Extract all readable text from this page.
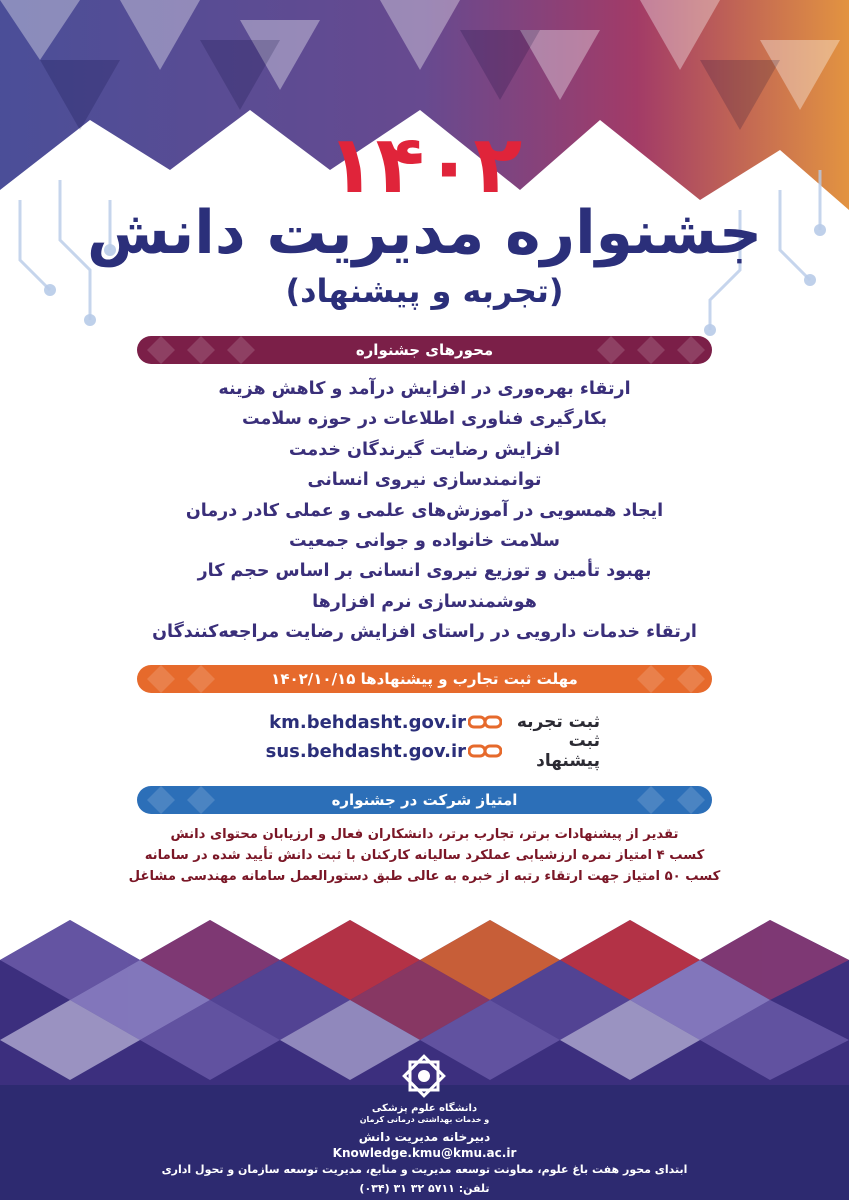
۱۴۰۲
جشنواره مدیریت دانش
(تجربه و پیشنهاد)
محورهای جشنواره
ارتقاء بهره‌وری در افزایش درآمد و کاهش هزینه
بکارگیری فناوری اطلاعات در حوزه سلامت
افزایش رضایت گیرندگان خدمت
توانمندسازی نیروی انسانی
ایجاد همسویی در آموزش‌های علمی و عملی کادر درمان
سلامت خانواده و جوانی جمعیت
بهبود تأمین و توزیع نیروی انسانی بر اساس حجم کار
هوشمندسازی نرم افزارها
ارتقاء خدمات دارویی در راستای افزایش رضایت مراجعه‌کنندگان
مهلت ثبت تجارب و پیشنهادها ۱۴۰۲/۱۰/۱۵
ثبت تجربه
km.behdasht.gov.ir
ثبت پیشنهاد
sus.behdasht.gov.ir
امتیاز شرکت در جشنواره
تقدیر از پیشنهادات برتر، تجارب برتر، دانشکاران فعال و ارزیابان محتوای دانش
کسب ۴ امتیاز نمره ارزشیابی عملکرد سالیانه کارکنان با ثبت دانش تأیید شده در سامانه
کسب ۵۰ امتیاز جهت ارتقاء رتبه از خبره به عالی طبق دستورالعمل سامانه مهندسی مشاغل
دانشگاه علوم پزشکی
و خدمات بهداشتی درمانی کرمان
دبیرخانه مدیریت دانش
Knowledge.kmu@kmu.ac.ir
ابتدای محور هفت باغ علوم، معاونت توسعه مدیریت و منابع، مدیریت توسعه سازمان و تحول اداری
تلفن: ۵۷۱۱ ۳۲ ۳۱ (۰۳۴)
